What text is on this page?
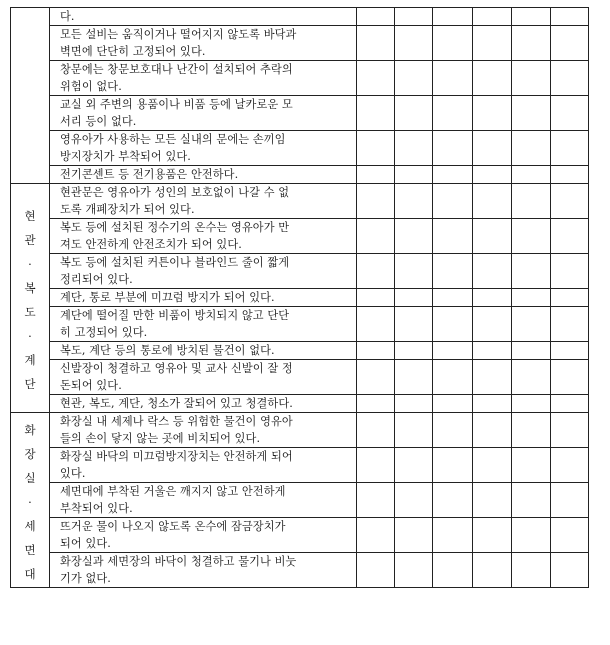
다.
모든 설비는 움직이거나 떨어지지 않도록 바닥과
벽면에 단단히 고정되어 있다.
창문에는 창문보호대나 난간이 설치되어 추락의
위험이 없다.
교실 외 주변의 용품이나 비품 등에 날카로운 모
서리 등이 없다.
영유아가 사용하는 모든 실내의 문에는 손끼임
방지장치가 부착되어 있다.
전기콘센트 등 전기용품은 안전하다.
현관문은 영유아가 성인의 보호없이 나갈 수 없
도록 개폐장치가 되어 있다.
복도 등에 설치된 정수기의 온수는 영유아가 만
져도 안전하게 안전조치가 되어 있다.
복도 등에 설치된 커튼이나 블라인드 줄이 짧게
정리되어 있다.
계단, 통로 부분에 미끄럼 방지가 되어 있다.
계단에 떨어질 만한 비품이 방치되지 않고 단단
히 고정되어 있다.
복도, 계단 등의 통로에 방치된 물건이 없다.
신발장이 청결하고 영유아 및 교사 신발이 잘 정
돈되어 있다.
현관, 복도, 계단, 청소가 잘되어 있고 청결하다.
화장실 내 세제나 락스 등 위험한 물건이 영유아
들의 손이 닿지 않는 곳에 비치되어 있다.
화장실 바닥의 미끄럼방지장치는 안전하게 되어
있다.
세면대에 부착된 거울은 깨지지 않고 안전하게
부착되어 있다.
뜨거운 물이 나오지 않도록 온수에 잠금장치가
되어 있다.
화장실과 세면장의 바닥이 청결하고 물기나 비눗
기가 없다.
현
관
·
복
도
·
계
단
화
장
실
·
세
면
대
